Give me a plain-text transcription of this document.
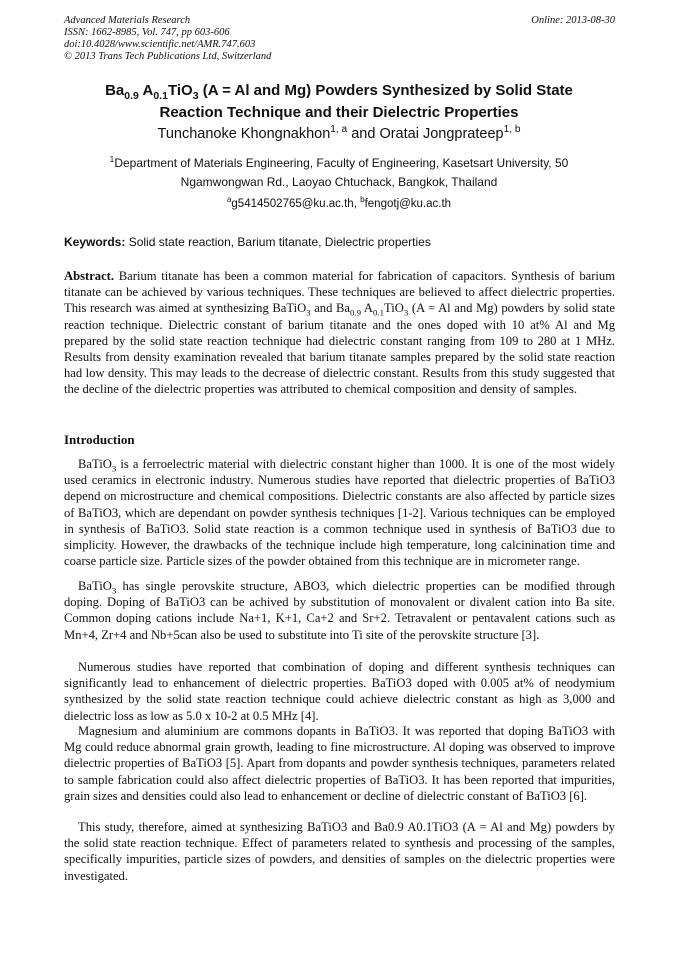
Advanced Materials Research
ISSN: 1662-8985, Vol. 747, pp 603-606
doi:10.4028/www.scientific.net/AMR.747.603
© 2013 Trans Tech Publications Ltd, Switzerland
Online: 2013-08-30
$Ba_{0.9}$ $A_{0.1}TiO_3$ (A = Al and Mg) Powders Synthesized by Solid State
Reaction Technique and their Dielectric Properties
Tunchanoke Khongnakhon$^{1, a}$ and Oratai Jongprateep$^{1, b}$
$^1$Department of Materials Engineering, Faculty of Engineering, Kasetsart University, 50
Ngamwongwan Rd., Laoyao Chtuchack, Bangkok, Thailand
$^a$g5414502765@ku.ac.th, $^b$fengotj@ku.ac.th
Keywords: Solid state reaction, Barium titanate, Dielectric properties

Abstract. Barium titanate has been a common material for fabrication of capacitors. Synthesis of barium titanate can be achieved by various techniques. These techniques are believed to affect dielectric properties. This research was aimed at synthesizing BaTiO$_3$ and $Ba_{0.9}$ $A_{0.1}TiO_3$ (A = Al and Mg) powders by solid state reaction technique. Dielectric constant of barium titanate and the ones doped with 10 at% Al and Mg prepared by the solid state reaction technique had dielectric constant ranging from 109 to 280 at 1 MHz. Results from density examination revealed that barium titanate samples prepared by the solid state reaction had low density. This may leads to the decrease of dielectric constant. Results from this study suggested that the decline of the dielectric properties was attributed to chemical composition and density of samples.

Introduction

BaTiO$_3$ is a ferroelectric material with dielectric constant higher than 1000. It is one of the most widely used ceramics in electronic industry. Numerous studies have reported that dielectric properties of BaTiO3 depend on microstructure and chemical compositions. Dielectric constants are also affected by particle sizes of BaTiO3, which are dependant on powder synthesis techniques [1-2]. Various techniques can be employed in synthesis of BaTiO3. Solid state reaction is a common technique used in synthesis of BaTiO3 due to simplicity. However, the drawbacks of the technique include high temperature, long calcinination time and coarse particle size. Particle sizes of the powder obtained from this technique are in micrometer range.

BaTiO$_3$ has single perovskite structure, ABO3, which dielectric properties can be modified through doping. Doping of BaTiO3 can be achived by substitution of monovalent or divalent cation into Ba site. Common doping cations include Na+1, K+1, Ca+2 and Sr+2. Tetravalent or pentavalent cations such as Mn+4, Zr+4 and Nb+5can also be used to substitute into Ti site of the perovskite structure [3].

Numerous studies have reported that combination of doping and different synthesis techniques can significantly lead to enhancement of dielectric properties. BaTiO3 doped with 0.005 at% of neodymium synthesized by the solid state reaction technique could achieve dielectric constant as high as 3,000 and dielectric loss as low as 5.0 x 10-2 at 0.5 MHz [4].

Magnesium and aluminium are commons dopants in BaTiO3. It was reported that doping BaTiO3 with Mg could reduce abnormal grain growth, leading to fine microstructure. Al doping was observed to improve dielectric properties of BaTiO3 [5]. Apart from dopants and powder synthesis techniques, parameters related to sample fabrication could also affect dielectric properties of BaTiO3. It has been reported that impurities, grain sizes and densities could also lead to enhancement or decline of dielectric constant of BaTiO3 [6].

This study, therefore, aimed at synthesizing BaTiO3 and Ba0.9 A0.1TiO3 (A = Al and Mg) powders by the solid state reaction technique. Effect of parameters related to synthesis and processing of the samples, specifically impurities, particle sizes of powders, and densities of samples on the dielectric properties were investigated.
